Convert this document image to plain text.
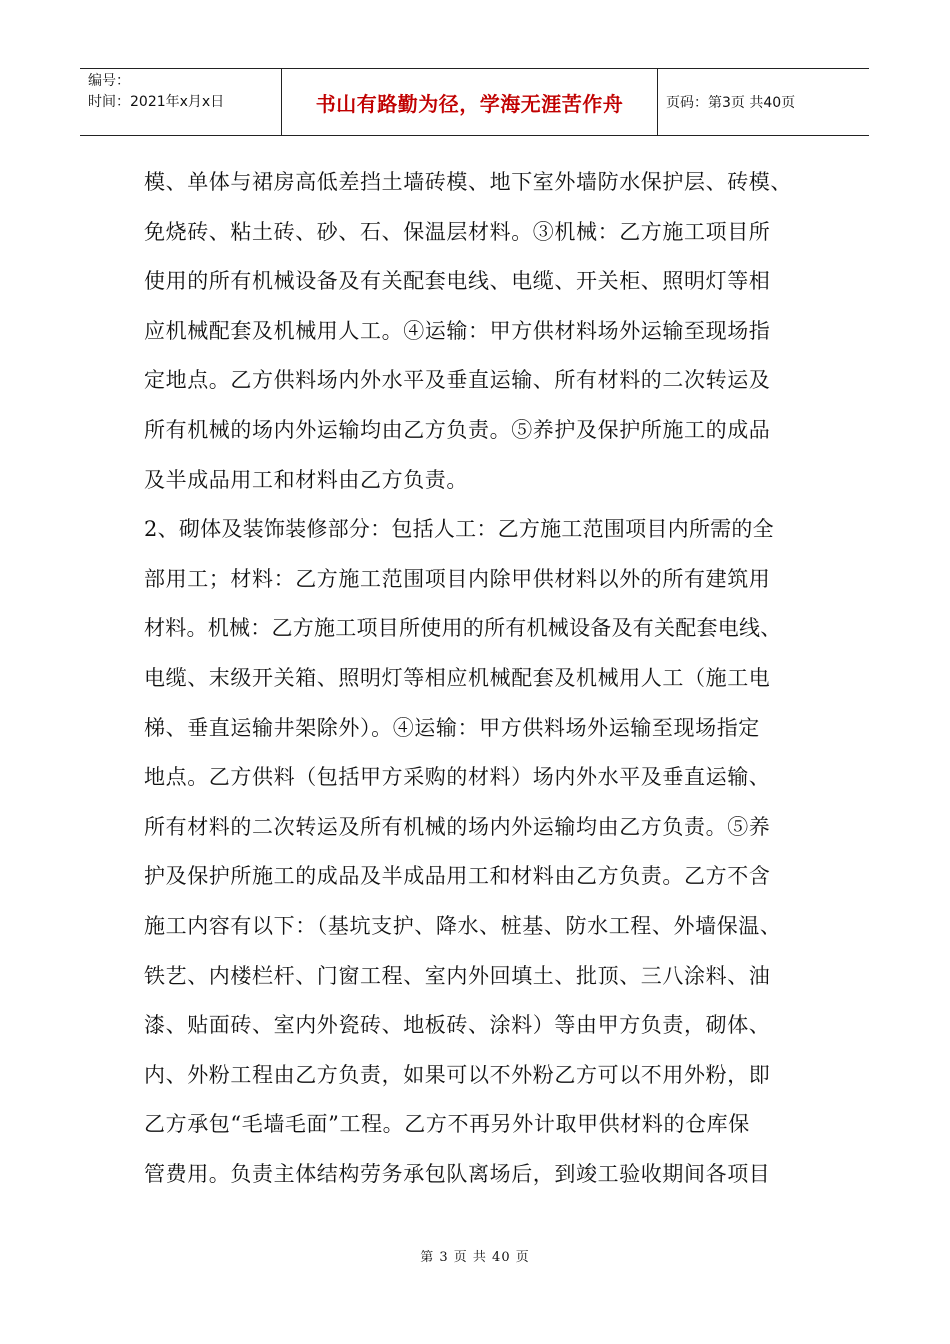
编号：
时间：2021年x月x日	书山有路勤为径，学海无涯苦作舟	页码：第3页 共40页
模、单体与裙房高低差挡土墙砖模、地下室外墙防水保护层、砖模、
免烧砖、粘土砖、砂、石、保温层材料。③机械：乙方施工项目所
使用的所有机械设备及有关配套电线、电缆、开关柜、照明灯等相
应机械配套及机械用人工。④运输：甲方供材料场外运输至现场指
定地点。乙方供料场内外水平及垂直运输、所有材料的二次转运及
所有机械的场内外运输均由乙方负责。⑤养护及保护所施工的成品
及半成品用工和材料由乙方负责。
2、砌体及装饰装修部分：包括人工：乙方施工范围项目内所需的全
部用工；材料：乙方施工范围项目内除甲供材料以外的所有建筑用
材料。机械：乙方施工项目所使用的所有机械设备及有关配套电线、
电缆、末级开关箱、照明灯等相应机械配套及机械用人工（施工电
梯、垂直运输井架除外）。④运输：甲方供料场外运输至现场指定
地点。乙方供料（包括甲方采购的材料）场内外水平及垂直运输、
所有材料的二次转运及所有机械的场内外运输均由乙方负责。⑤养
护及保护所施工的成品及半成品用工和材料由乙方负责。乙方不含
施工内容有以下：（基坑支护、降水、桩基、防水工程、外墙保温、
铁艺、内楼栏杆、门窗工程、室内外回填土、批顶、三八涂料、油
漆、贴面砖、室内外瓷砖、地板砖、涂料）等由甲方负责，砌体、
内、外粉工程由乙方负责，如果可以不外粉乙方可以不用外粉，即
乙方承包“毛墙毛面”工程。乙方不再另外计取甲供材料的仓库保
管费用。负责主体结构劳务承包队离场后，到竣工验收期间各项目
第 3 页 共 40 页
